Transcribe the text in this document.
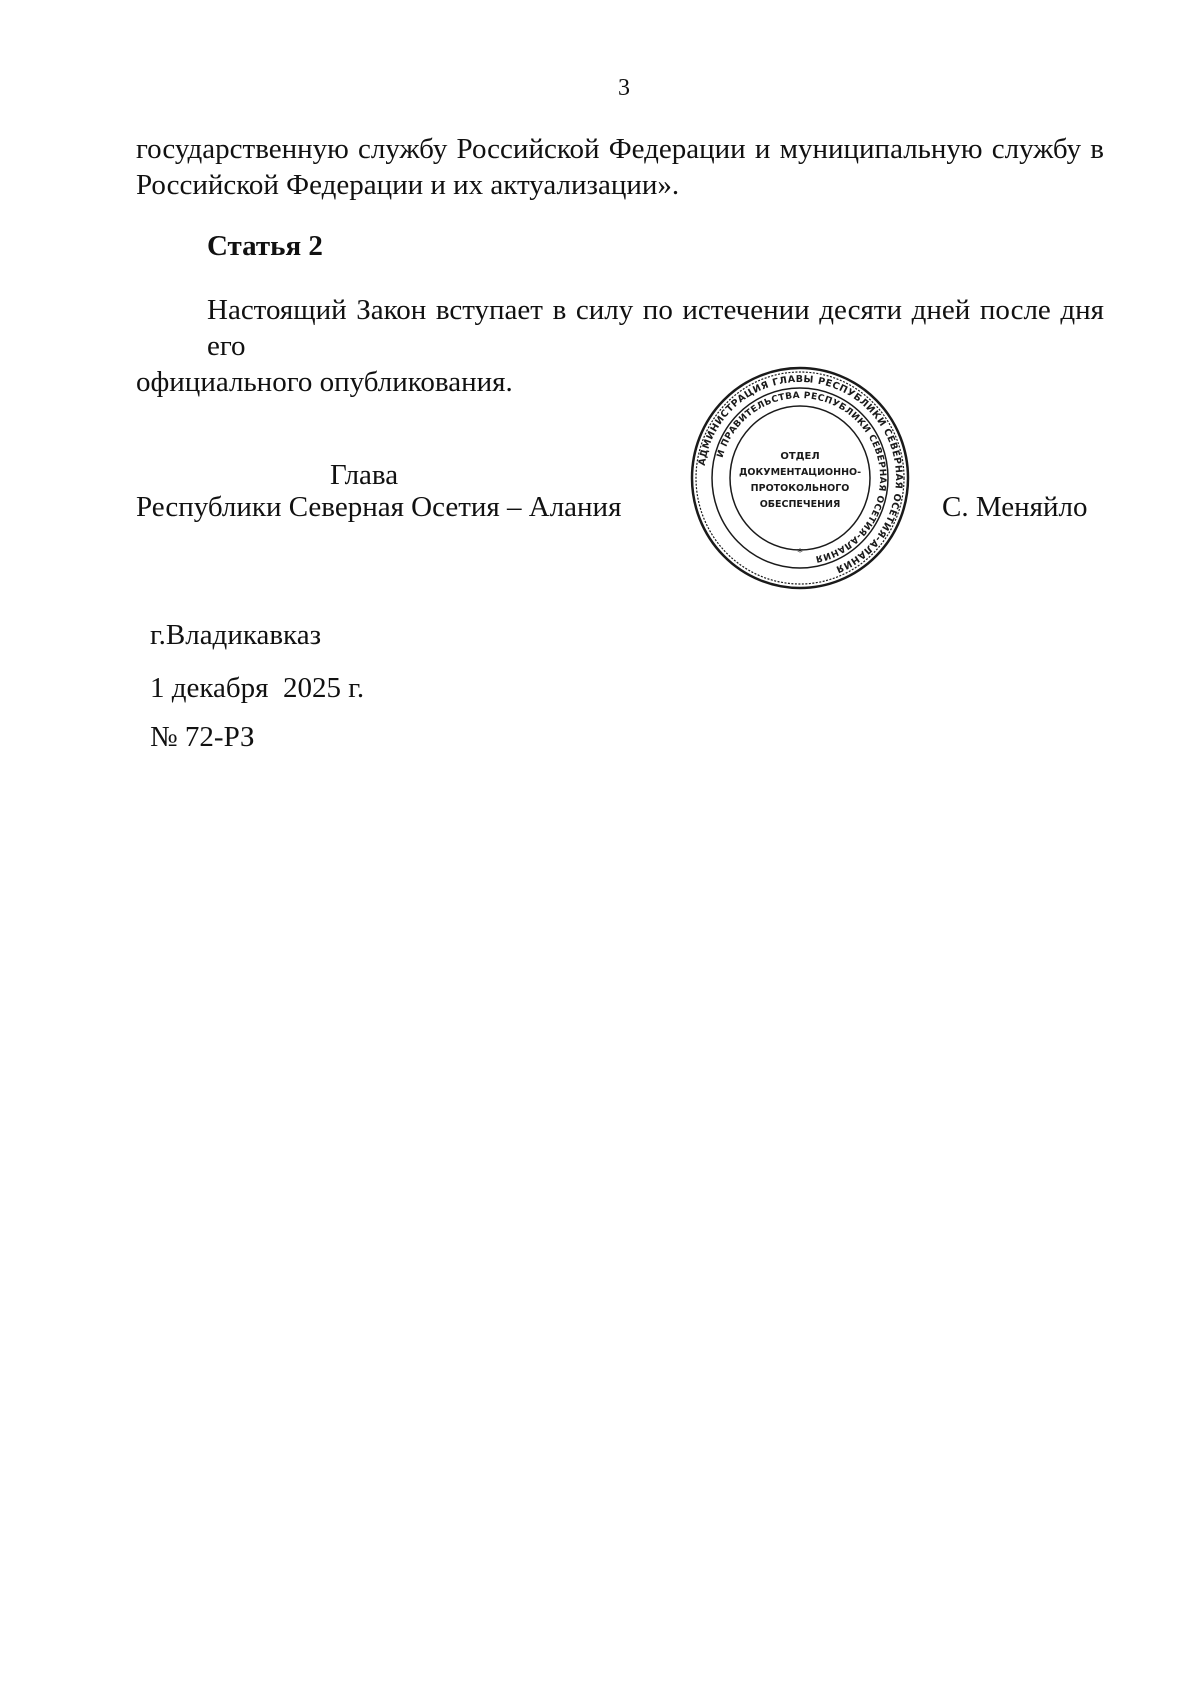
3
государственную службу Российской Федерации и муниципальную службу в
Российской Федерации и их актуализации».
Статья 2
Настоящий Закон вступает в силу по истечении десяти дней после дня его
официального опубликования.
Глава
Республики Северная Осетия – Алания
АДМИНИСТРАЦИЯ ГЛАВЫ РЕСПУБЛИКИ СЕВЕРНАЯ ОСЕТИЯ-АЛАНИЯ
И ПРАВИТЕЛЬСТВА РЕСПУБЛИКИ СЕВЕРНАЯ ОСЕТИЯ-АЛАНИЯ
ОТДЕЛ
ДОКУМЕНТАЦИОННО-
ПРОТОКОЛЬНОГО
ОБЕСПЕЧЕНИЯ
*
С. Меняйло
г.Владикавказ
1 декабря  2025 г.
№ 72-РЗ
